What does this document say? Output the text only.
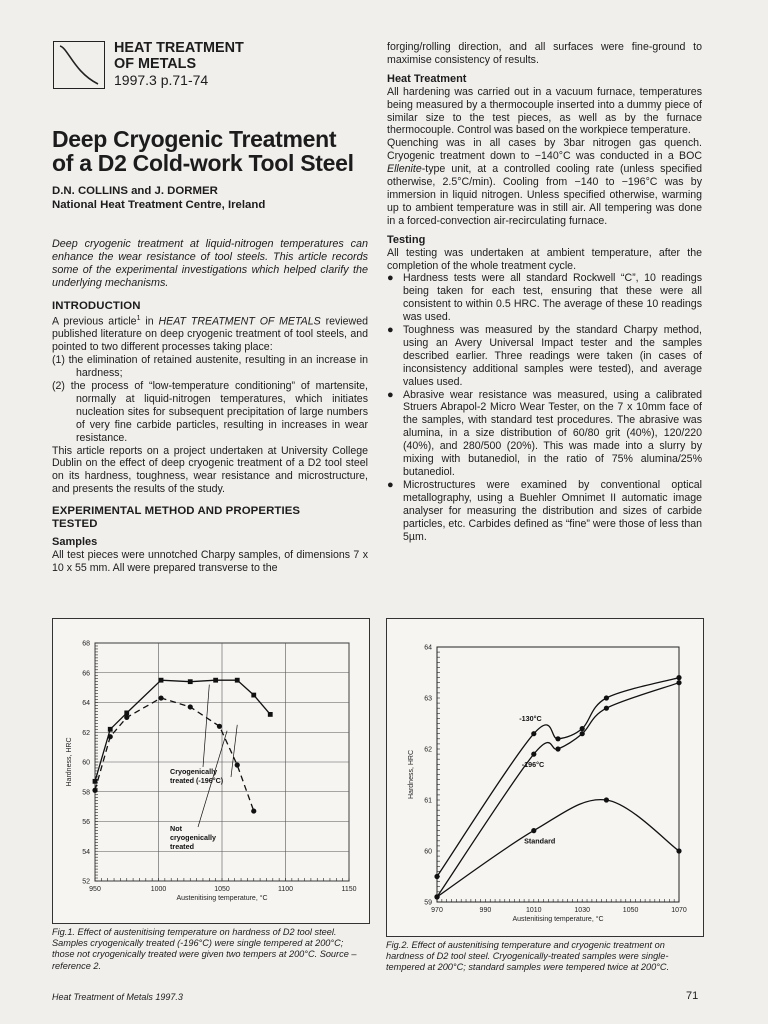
HEAT TREATMENT
OF METALS
1997.3 p.71-74
Deep Cryogenic Treatment
of a D2 Cold-work Tool Steel
D.N. COLLINS and J. DORMER
National Heat Treatment Centre, Ireland

Deep cryogenic treatment at liquid-nitrogen temperatures can enhance the wear resistance of tool steels. This article records some of the experimental investigations which helped clarify the underlying mechanisms.

INTRODUCTION

A previous article$^1$ in HEAT TREATMENT OF METALS reviewed published literature on deep cryogenic treatment of tool steels, and pointed to two different processes taking place:

(1) the elimination of retained austenite, resulting in an increase in hardness;

(2) the process of “low-temperature conditioning” of martensite, normally at liquid-nitrogen temperatures, which initiates nucleation sites for subsequent precipitation of large numbers of very fine carbide particles, resulting in increases in wear resistance.

This article reports on a project undertaken at University College Dublin on the effect of deep cryogenic treatment of a D2 tool steel on its hardness, toughness, wear resistance and microstructure, and presents the results of the study.

EXPERIMENTAL METHOD AND PROPERTIES

TESTED

Samples

All test pieces were unnotched Charpy samples, of dimensions 7 x 10 x 55 mm. All were prepared transverse to the

forging/rolling direction, and all surfaces were fine-ground to maximise consistency of results.

Heat Treatment

All hardening was carried out in a vacuum furnace, temperatures being measured by a thermocouple inserted into a dummy piece of similar size to the test pieces, as well as by the furnace thermocouple. Control was based on the workpiece temperature.

Quenching was in all cases by 3bar nitrogen gas quench. Cryogenic treatment down to −140°C was conducted in a BOC Ellenite-type unit, at a controlled cooling rate (unless specified otherwise, 2.5°C/min). Cooling from −140 to −196°C was by immersion in liquid nitrogen. Unless specified otherwise, warming up to ambient temperature was in still air. All tempering was done in a forced-convection air-recirculating furnace.

Testing

All testing was undertaken at ambient temperature, after the completion of the whole treatment cycle.

● Hardness tests were all standard Rockwell “C”, 10 readings being taken for each test, ensuring that these were all consistent to within 0.5 HRC. The average of these 10 readings was used.

● Toughness was measured by the standard Charpy method, using an Avery Universal Impact tester and the samples described earlier. Three readings were taken (in cases of inconsistency additional samples were tested), and average values used.

● Abrasive wear resistance was measured, using a calibrated Struers Abrapol-2 Micro Wear Tester, on the 7 x 10mm face of the samples, with standard test procedures. The abrasive was alumina, in a size distribution of 60/80 grit (40%), 120/220 (40%), and 280/500 (20%). This was made into a slurry by mixing with butanediol, in the ratio of 75% alumina/25% butanediol.

● Microstructures were examined by conventional optical metallography, using a Buehler Omnimet II automatic image analyser for measuring the distribution and sizes of carbide particles, etc. Carbides defined as “fine” were those of less than 5µm.

950	1000	1050	1100	1150
52
54
56
58
60
62
64
66
68
Austenitising temperature, °C
Hardness, HRC	Cryogenically
treated (-196°C)
Not
cryogenically
treated
Fig.1. Effect of austenitising temperature on hardness of D2 tool steel. Samples cryogenically treated (-196°C) were single tempered at 200°C; those not cryogenically treated were given two tempers at 200°C. Source – reference 2.
970	990	1010	1030	1050	1070
59
60
61
62
63
64
Austenitising temperature, °C
Hardness, HRC
-130°C
-196°C
Standard
Fig.2. Effect of austenitising temperature and cryogenic treatment on hardness of D2 tool steel. Cryogenically-treated samples were single-tempered at 200°C; standard samples were tempered twice at 200°C.
Heat Treatment of Metals 1997.3	71
